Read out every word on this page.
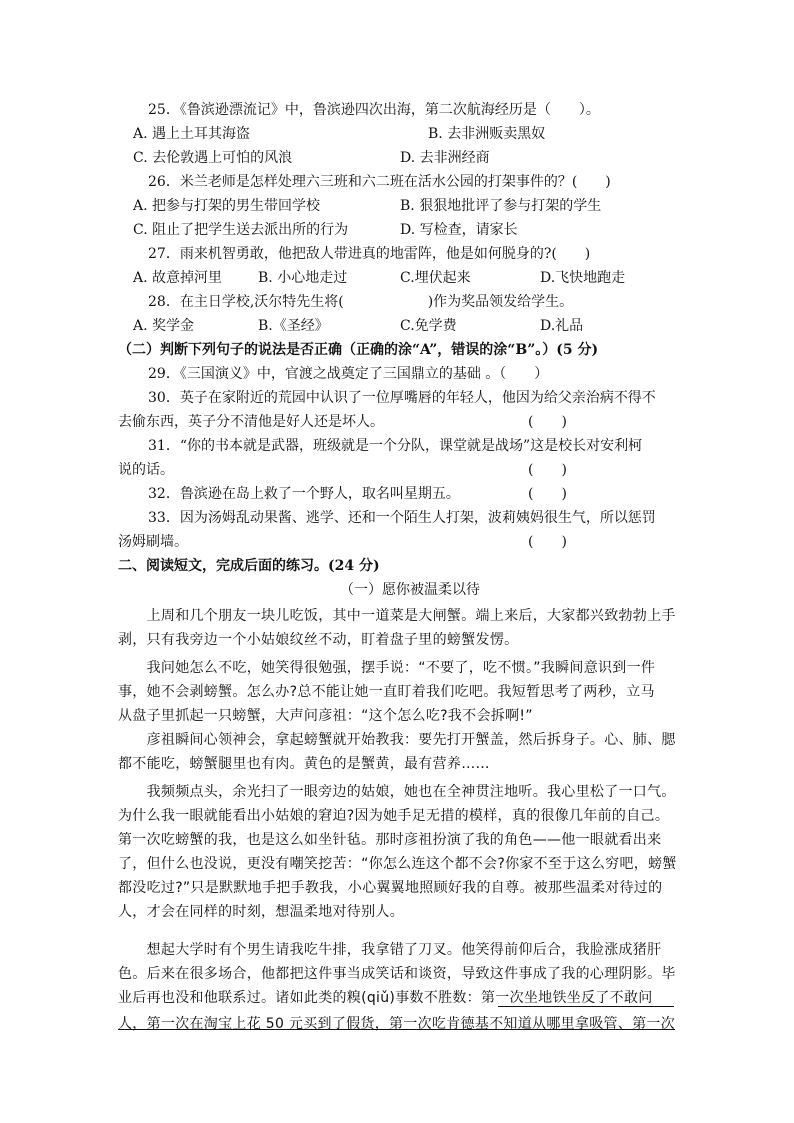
25．《鲁滨逊漂流记》中，鲁滨逊四次出海，第二次航海经历是（　　）。
A. 遇上土耳其海盗	B. 去非洲贩卖黑奴
C. 去伦敦遇上可怕的风浪	D. 去非洲经商
26．米兰老师是怎样处理六三班和六二班在活水公园的打架事件的？(　　)
A. 把参与打架的男生带回学校	B. 狠狠地批评了参与打架的学生
C. 阻止了把学生送去派出所的行为	D. 写检查，请家长
27．雨来机智勇敢，他把敌人带进真的地雷阵，他是如何脱身的?(　　)
A. 故意掉河里	B. 小心地走过	C.埋伏起来	D.飞快地跑走
28．在主日学校,沃尔特先生将(　　　　　　)作为奖品领发给学生。
A. 奖学金	B.《圣经》	C.免学费	D.礼品
（二）判断下列句子的说法是否正确（正确的涂“A”，错误的涂“B”。）(5 分)
29．《三国演义》中，官渡之战奠定了三国鼎立的基础 。（　　）
30．英子在家附近的荒园中认识了一位厚嘴唇的年轻人，他因为给父亲治病不得不
去偷东西，英子分不清他是好人还是坏人。	(　　)
31．“你的书本就是武器，班级就是一个分队，课堂就是战场”这是校长对安利柯
说的话。	(　　)
32．鲁滨逊在岛上救了一个野人，取名叫星期五。	(　　)
33．因为汤姆乱动果酱、逃学、还和一个陌生人打架，波莉姨妈很生气，所以惩罚
汤姆刷墙。	(　　)
二、阅读短文，完成后面的练习。(24 分)
（一）愿你被温柔以待
　　上周和几个朋友一块儿吃饭，其中一道菜是大闸蟹。端上来后，大家都兴致勃勃上手
剥，只有我旁边一个小姑娘纹丝不动，盯着盘子里的螃蟹发愣。
　　我问她怎么不吃，她笑得很勉强，摆手说：“不要了，吃不惯。”我瞬间意识到一件
事，她不会剥螃蟹。怎么办?总不能让她一直盯着我们吃吧。我短暂思考了两秒，立马
从盘子里抓起一只螃蟹，大声问彦祖：“这个怎么吃?我不会拆啊!”
　　彦祖瞬间心领神会，拿起螃蟹就开始教我：要先打开蟹盖，然后拆身子。心、肺、腮
都不能吃，螃蟹腿里也有肉。黄色的是蟹黄，最有营养……
　　我频频点头，余光扫了一眼旁边的姑娘，她也在全神贯注地听。我心里松了一口气。
为什么我一眼就能看出小姑娘的窘迫?因为她手足无措的模样，真的很像几年前的自己。
第一次吃螃蟹的我，也是这么如坐针毡。那时彦祖扮演了我的角色——他一眼就看出来
了，但什么也没说，更没有嘲笑挖苦：“你怎么连这个都不会?你家不至于这么穷吧，螃蟹
都没吃过?”只是默默地手把手教我，小心翼翼地照顾好我的自尊。被那些温柔对待过的
人，才会在同样的时刻，想温柔地对待别人。
　　想起大学时有个男生请我吃牛排，我拿错了刀叉。他笑得前仰后合，我脸涨成猪肝
色。后来在很多场合，他都把这件事当成笑话和谈资，导致这件事成了我的心理阴影。毕
业后再也没和他联系过。诸如此类的糗(qiǔ)事数不胜数：第一次坐地铁坐反了不敢问
人，第一次在淘宝上花 50 元买到了假货，第一次吃肯德基不知道从哪里拿吸管、第一次
